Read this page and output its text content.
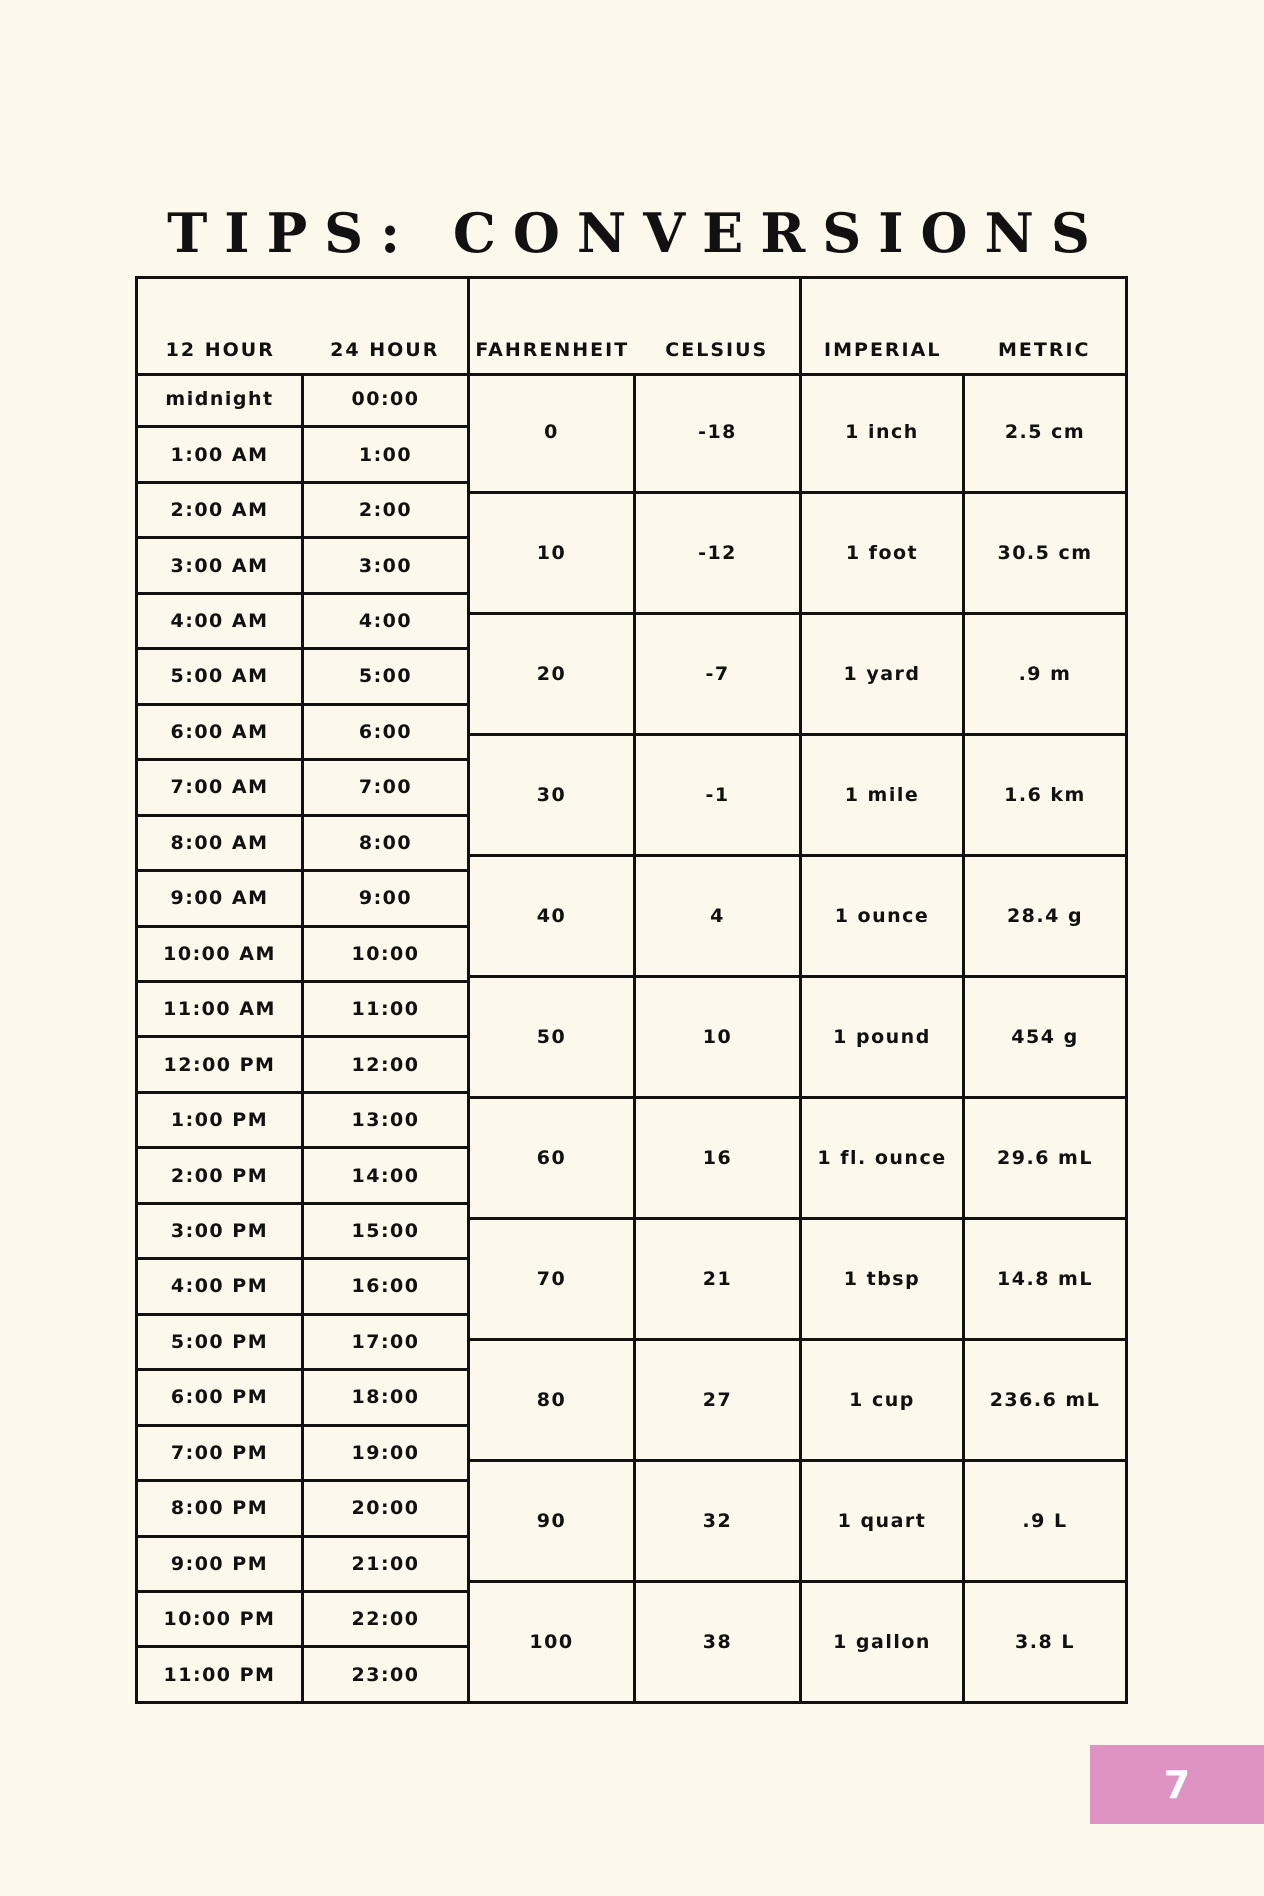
TIPS: CONVERSIONS
12 HOUR	24 HOUR
midnight	00:00
1:00 AM	1:00
2:00 AM	2:00
3:00 AM	3:00
4:00 AM	4:00
5:00 AM	5:00
6:00 AM	6:00
7:00 AM	7:00
8:00 AM	8:00
9:00 AM	9:00
10:00 AM	10:00
11:00 AM	11:00
12:00 PM	12:00
1:00 PM	13:00
2:00 PM	14:00
3:00 PM	15:00
4:00 PM	16:00
5:00 PM	17:00
6:00 PM	18:00
7:00 PM	19:00
8:00 PM	20:00
9:00 PM	21:00
10:00 PM	22:00
11:00 PM	23:00
FAHRENHEIT	CELSIUS
0	-18
10	-12
20	-7
30	-1
40	4
50	10
60	16
70	21
80	27
90	32
100	38
IMPERIAL	METRIC
1 inch	2.5 cm
1 foot	30.5 cm
1 yard	.9 m
1 mile	1.6 km
1 ounce	28.4 g
1 pound	454 g
1 fl. ounce	29.6 mL
1 tbsp	14.8 mL
1 cup	236.6 mL
1 quart	.9 L
1 gallon	3.8 L
7
